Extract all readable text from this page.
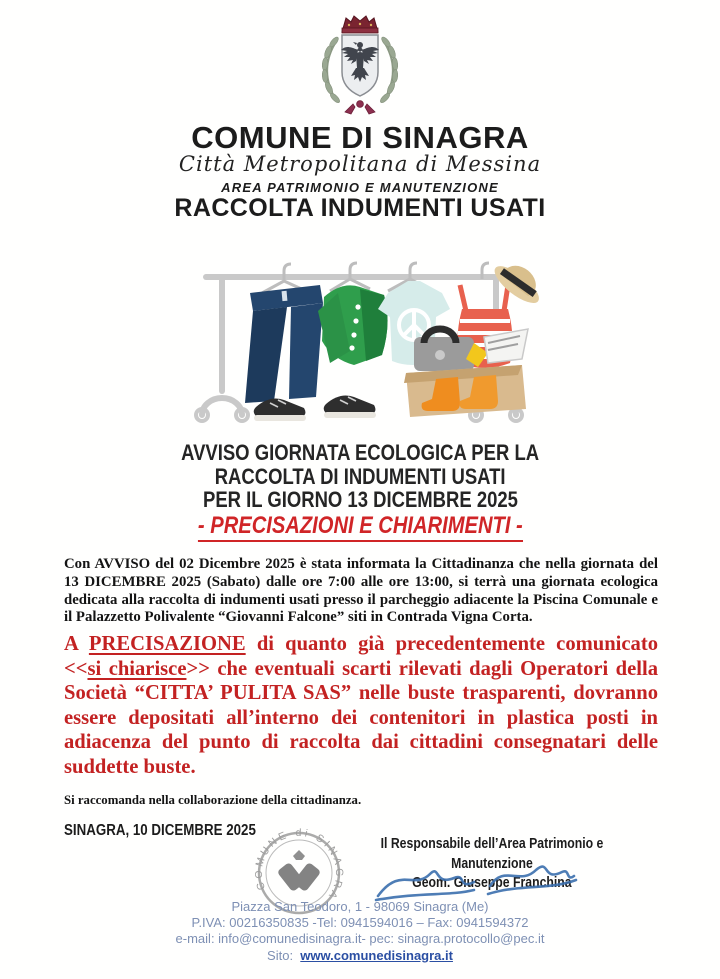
COMUNE DI SINAGRA
Città Metropolitana di Messina
AREA PATRIMONIO E MANUTENZIONE
RACCOLTA INDUMENTI USATI
AVVISO GIORNATA ECOLOGICA PER LA
RACCOLTA DI INDUMENTI USATI
PER IL GIORNO 13 DICEMBRE 2025
- PRECISAZIONI E CHIARIMENTI -
Con AVVISO del 02 Dicembre 2025 è stata informata la Cittadinanza che nella giornata del 13 DICEMBRE 2025 (Sabato) dalle ore 7:00 alle ore 13:00, si terrà una giornata ecologica dedicata alla raccolta di indumenti usati presso il parcheggio adiacente la Piscina Comunale e il Palazzetto Polivalente “Giovanni Falcone” siti in Contrada Vigna Corta.
A PRECISAZIONE di quanto già precedentemente comunicato <<si chiarisce>> che eventuali scarti rilevati dagli Operatori della Società “CITTA’ PULITA SAS” nelle buste trasparenti, dovranno essere depositati all’interno dei contenitori in plastica posti in adiacenza del punto di raccolta dai cittadini consegnatari delle suddette buste.
Si raccomanda nella collaborazione della cittadinanza.
SINAGRA, 10 DICEMBRE 2025
COMUNE di SINAGRA
Il Responsabile dell’Area Patrimonio e Manutenzione
Geom. Giuseppe Franchina
Piazza San Teodoro, 1 - 98069 Sinagra (Me)
P.IVA: 00216350835 -Tel: 0941594016 – Fax: 0941594372
e-mail: info@comunedisinagra.it- pec: sinagra.protocollo@pec.it
Sito: www.comunedisinagra.it
